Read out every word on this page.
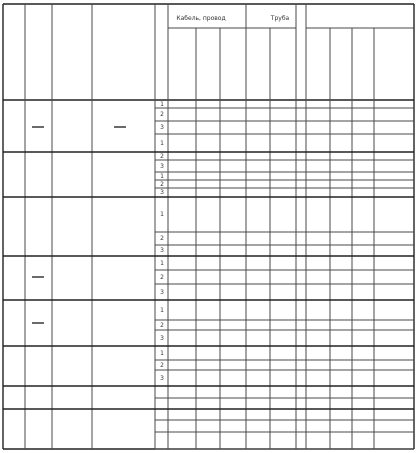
Кабель, провод	Труба
1
2
3
1
2
3
1
2
3
1
2
3
1
2
3
1
2
3
1
2
3
